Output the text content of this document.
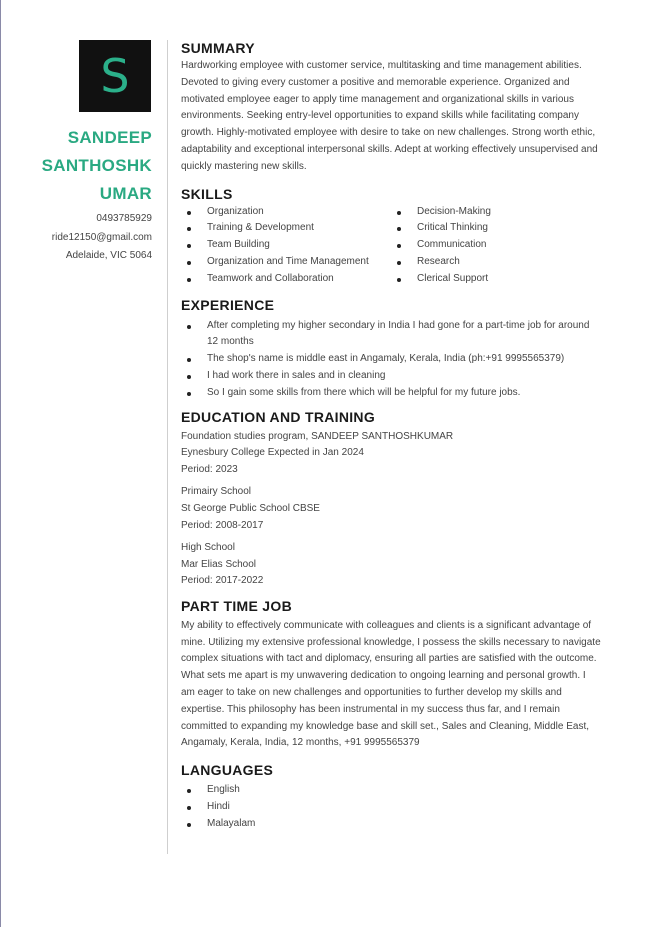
S
SANDEEP
SANTHOSHK
UMAR
0493785929
ride12150@gmail.com
Adelaide, VIC 5064
SUMMARY

Hardworking employee with customer service, multitasking and time management abilities. Devoted to giving every customer a positive and memorable experience. Organized and motivated employee eager to apply time management and organizational skills in various environments. Seeking entry-level opportunities to expand skills while facilitating company growth. Highly-motivated employee with desire to take on new challenges. Strong worth ethic, adaptability and exceptional interpersonal skills. Adept at working effectively unsupervised and quickly mastering new skills.

SKILLS
Organization
Training & Development
Team Building
Organization and Time Management
Teamwork and Collaboration
Decision-Making
Critical Thinking
Communication
Research
Clerical Support
EXPERIENCE
After completing my higher secondary in India I had gone for a part-time job for around 12 months
The shop's name is middle east in Angamaly, Kerala, India (ph:+91 9995565379)
I had work there in sales and in cleaning
So I gain some skills from there which will be helpful for my future jobs.
EDUCATION AND TRAINING

Foundation studies program, SANDEEP SANTHOSHKUMAR

Eynesbury College Expected in Jan 2024

Period: 2023

Primairy School

St George Public School CBSE

Period: 2008-2017

High School

Mar Elias School

Period: 2017-2022

PART TIME JOB

My ability to effectively communicate with colleagues and clients is a significant advantage of mine. Utilizing my extensive professional knowledge, I possess the skills necessary to navigate complex situations with tact and diplomacy, ensuring all parties are satisfied with the outcome. What sets me apart is my unwavering dedication to ongoing learning and personal growth. I am eager to take on new challenges and opportunities to further develop my skills and expertise. This philosophy has been instrumental in my success thus far, and I remain committed to expanding my knowledge base and skill set., Sales and Cleaning, Middle East, Angamaly, Kerala, India, 12 months, +91 9995565379

LANGUAGES
English
Hindi
Malayalam
